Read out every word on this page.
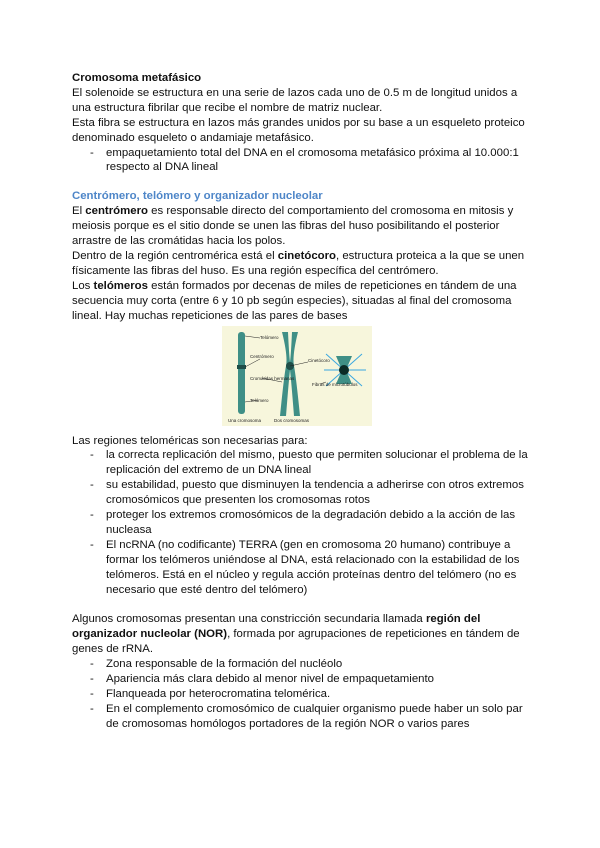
Cromosoma metafásico

El solenoide se estructura en una serie de lazos cada uno de 0.5 m de longitud unidos a una estructura fibrilar que recibe el nombre de matriz nuclear.

Esta fibra se estructura en lazos más grandes unidos por su base a un esqueleto proteico denominado esqueleto o andamiaje metafásico.

- empaquetamiento total del DNA en el cromosoma metafásico próxima al 10.000:1 respecto al DNA lineal

Centrómero, telómero y organizador nucleolar

El centrómero es responsable directo del comportamiento del cromosoma en mitosis y meiosis porque es el sitio donde se unen las fibras del huso posibilitando el posterior arrastre de las cromátidas hacia los polos.

Dentro de la región centromérica está el cinetócoro, estructura proteica a la que se unen físicamente las fibras del huso. Es una región específica del centrómero.

Los telómeros están formados por decenas de miles de repeticiones en tándem de una secuencia muy corta (entre 6 y 10 pb según especies), situadas al final del cromosoma lineal. Hay muchas repeticiones de las pares de bases

Telómero
Centrómero
Cinetócoro
Cromátidas hermanas
Telómero
Fibras de microtúbulos
Una cromosoma	Dos cromosomas

Las regiones teloméricas son necesarias para:

- la correcta replicación del mismo, puesto que permiten solucionar el problema de la replicación del extremo de un DNA lineal
- su estabilidad, puesto que disminuyen la tendencia a adherirse con otros extremos cromosómicos que presenten los cromosomas rotos
- proteger los extremos cromosómicos de la degradación debido a la acción de las nucleasa
- El ncRNA (no codificante) TERRA (gen en cromosoma 20 humano) contribuye a formar los telómeros uniéndose al DNA, está relacionado con la estabilidad de los telómeros. Está en el núcleo y regula acción proteínas dentro del telómero (no es necesario que esté dentro del telómero)

Algunos cromosomas presentan una constricción secundaria llamada región del organizador nucleolar (NOR), formada por agrupaciones de repeticiones en tándem de genes de rRNA.

- Zona responsable de la formación del nucléolo
- Apariencia más clara debido al menor nivel de empaquetamiento
- Flanqueada por heterocromatina telomérica.
- En el complemento cromosómico de cualquier organismo puede haber un solo par de cromosomas homólogos portadores de la región NOR o varios pares
